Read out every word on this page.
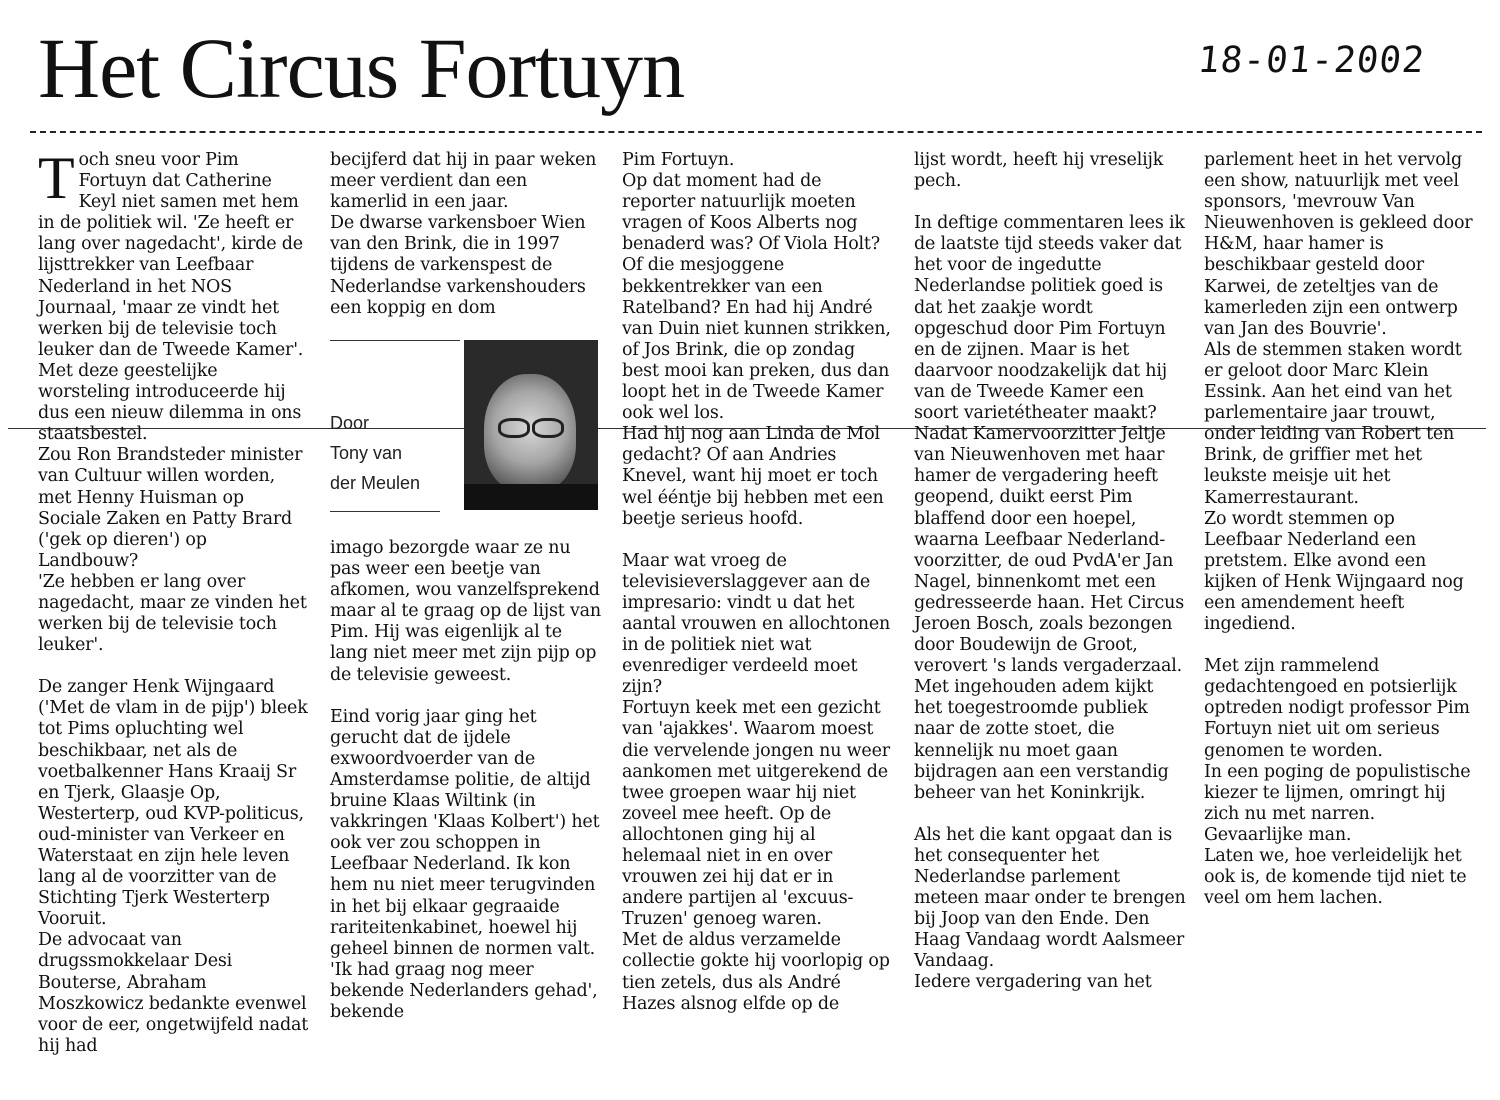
Het Circus Fortuyn	18-01-2002
Toch sneu voor Pim Fortuyn dat Catherine Keyl niet samen met hem in de politiek wil. 'Ze heeft er lang over nagedacht', kirde de lijsttrekker van Leefbaar Nederland in het NOS Journaal, 'maar ze vindt het werken bij de televisie toch leuker dan de Tweede Kamer'. Met deze geestelijke worsteling introduceerde hij dus een nieuw dilemma in ons staatsbestel.
Zou Ron Brandsteder minister van Cultuur willen worden, met Henny Huisman op Sociale Zaken en Patty Brard ('gek op dieren') op Landbouw?
'Ze hebben er lang over nagedacht, maar ze vinden het werken bij de televisie toch leuker'.
De zanger Henk Wijngaard ('Met de vlam in de pijp') bleek tot Pims opluchting wel beschikbaar, net als de voetbalkenner Hans Kraaij Sr en Tjerk, Glaasje Op, Westerterp, oud KVP-politicus, oud-minister van Verkeer en Waterstaat en zijn hele leven lang al de voorzitter van de Stichting Tjerk Westerterp Vooruit.
De advocaat van drugssmokkelaar Desi Bouterse, Abraham Moszkowicz bedankte evenwel voor de eer, ongetwijfeld nadat hij had
becijferd dat hij in paar weken meer verdient dan een kamerlid in een jaar.
De dwarse varkensboer Wien van den Brink, die in 1997 tijdens de varkenspest de Nederlandse varkenshouders een koppig en dom
Door
Tony van
der Meulen
imago bezorgde waar ze nu pas weer een beetje van afkomen, wou vanzelfsprekend maar al te graag op de lijst van Pim. Hij was eigenlijk al te lang niet meer met zijn pijp op de televisie geweest.
Eind vorig jaar ging het gerucht dat de ijdele exwoordvoerder van de Amsterdamse politie, de altijd bruine Klaas Wiltink (in vakkringen 'Klaas Kolbert') het ook ver zou schoppen in Leefbaar Nederland. Ik kon hem nu niet meer terugvinden in het bij elkaar gegraaide rariteitenkabinet, hoewel hij geheel binnen de normen valt. 'Ik had graag nog meer bekende Nederlanders gehad', bekende
Pim Fortuyn.
Op dat moment had de reporter natuurlijk moeten vragen of Koos Alberts nog benaderd was? Of Viola Holt? Of die mesjoggene bekkentrekker van een Ratelband? En had hij André van Duin niet kunnen strikken, of Jos Brink, die op zondag best mooi kan preken, dus dan loopt het in de Tweede Kamer ook wel los.
Had hij nog aan Linda de Mol gedacht? Of aan Andries Knevel, want hij moet er toch wel ééntje bij hebben met een beetje serieus hoofd.
Maar wat vroeg de televisieverslaggever aan de impresario: vindt u dat het aantal vrouwen en allochtonen in de politiek niet wat evenrediger verdeeld moet zijn?
Fortuyn keek met een gezicht van 'ajakkes'. Waarom moest die vervelende jongen nu weer aankomen met uitgerekend de twee groepen waar hij niet zoveel mee heeft. Op de allochtonen ging hij al helemaal niet in en over vrouwen zei hij dat er in andere partijen al 'excuus-Truzen' genoeg waren.
Met de aldus verzamelde collectie gokte hij voorlopig op tien zetels, dus als André Hazes alsnog elfde op de
lijst wordt, heeft hij vreselijk pech.
In deftige commentaren lees ik de laatste tijd steeds vaker dat het voor de ingedutte Nederlandse politiek goed is dat het zaakje wordt opgeschud door Pim Fortuyn en de zijnen. Maar is het daarvoor noodzakelijk dat hij van de Tweede Kamer een soort varietétheater maakt?
Nadat Kamervoorzitter Jeltje van Nieuwenhoven met haar hamer de vergadering heeft geopend, duikt eerst Pim blaffend door een hoepel, waarna Leefbaar Nederland-voorzitter, de oud PvdA'er Jan Nagel, binnenkomt met een gedresseerde haan. Het Circus Jeroen Bosch, zoals bezongen door Boudewijn de Groot, verovert 's lands vergaderzaal.
Met ingehouden adem kijkt het toegestroomde publiek naar de zotte stoet, die kennelijk nu moet gaan bijdragen aan een verstandig beheer van het Koninkrijk.
Als het die kant opgaat dan is het consequenter het Nederlandse parlement meteen maar onder te brengen bij Joop van den Ende. Den Haag Vandaag wordt Aalsmeer Vandaag.
Iedere vergadering van het
parlement heet in het vervolg een show, natuurlijk met veel sponsors, 'mevrouw Van Nieuwenhoven is gekleed door H&M, haar hamer is beschikbaar gesteld door Karwei, de zeteltjes van de kamerleden zijn een ontwerp van Jan des Bouvrie'.
Als de stemmen staken wordt er geloot door Marc Klein Essink. Aan het eind van het parlementaire jaar trouwt, onder leiding van Robert ten Brink, de griffier met het leukste meisje uit het Kamerrestaurant.
Zo wordt stemmen op Leefbaar Nederland een pretstem. Elke avond een kijken of Henk Wijngaard nog een amendement heeft ingediend.
Met zijn rammelend gedachtengoed en potsierlijk optreden nodigt professor Pim Fortuyn niet uit om serieus genomen te worden.
In een poging de populistische kiezer te lijmen, omringt hij zich nu met narren.
Gevaarlijke man.
Laten we, hoe verleidelijk het ook is, de komende tijd niet te veel om hem lachen.
